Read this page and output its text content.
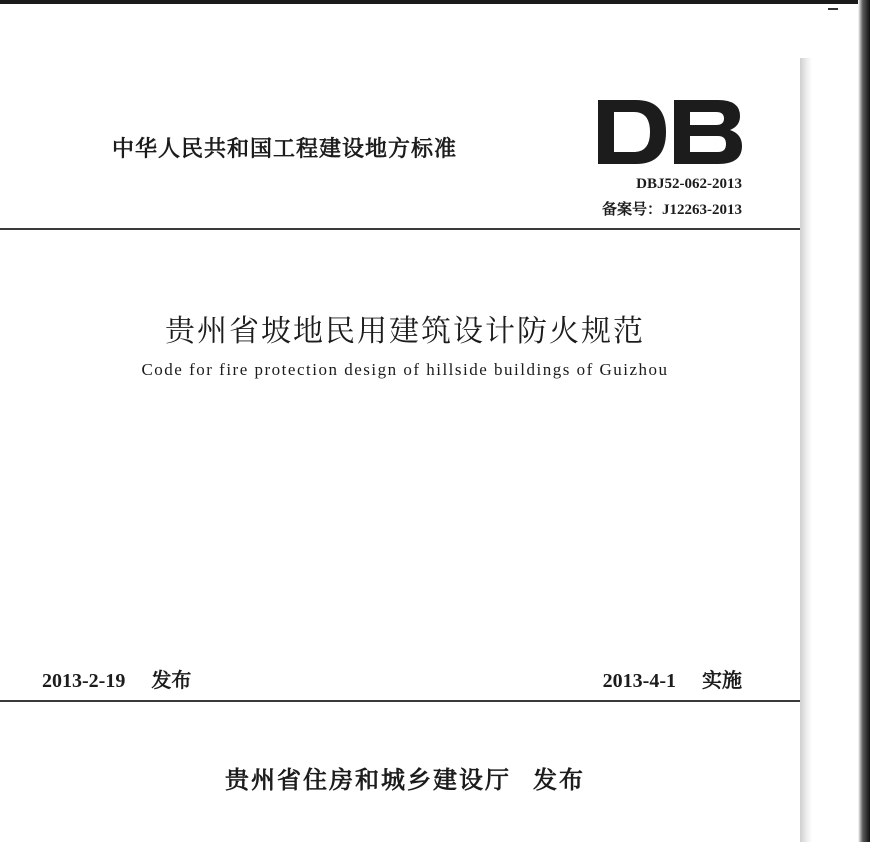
中华人民共和国工程建设地方标准
DBJ52-062-2013
备案号：J12263-2013
贵州省坡地民用建筑设计防火规范
Code for fire protection design of hillside buildings of Guizhou
2013-2-19 发布	2013-4-1 实施
贵州省住房和城乡建设厅 发布
